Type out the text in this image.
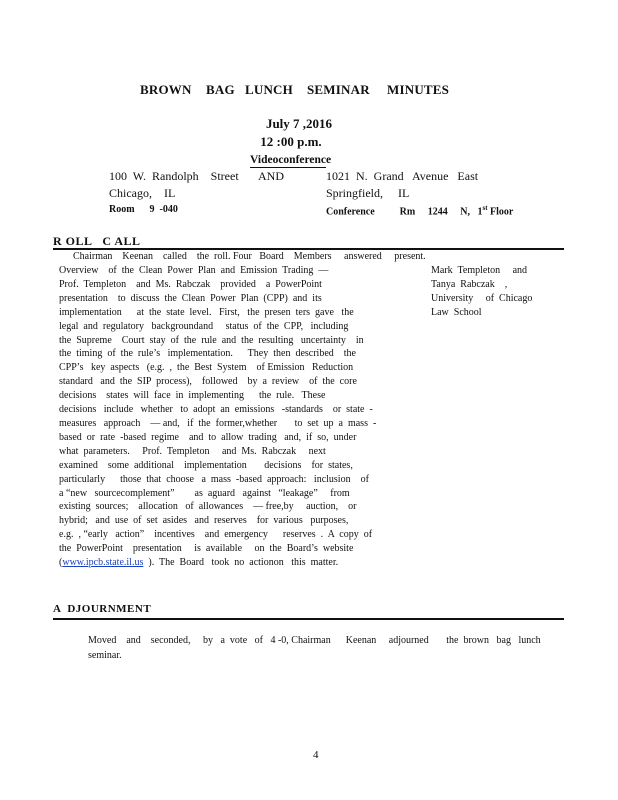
BROWN BAG LUNCH SEMINAR MINUTES
July 7 ,2016
12 :00 p.m.
Videoconference
100  W.  Randolph    Street AND	1021  N.  Grand   Avenue   East
Chicago,    IL	Springfield,     IL
Room      9  -040	Conference          Rm     1244     N,   1st Floor
R OLL   C ALL
Chairman    Keenan    called    the  roll. Four   Board    Members     answered     present.
Overview    of  the  Clean  Power  Plan  and  Emission  Trading  —
Prof.  Templeton    and  Ms.  Rabczak    provided    a  PowerPoint
presentation    to  discuss  the  Clean  Power  Plan  (CPP)  and  its
implementation      at  the  state  level.   First,   the  presen  ters  gave   the
legal  and  regulatory   backgroundand     status  of  the  CPP,   including
the  Supreme    Court  stay  of  the  rule  and  the  resulting   uncertainty    in
the  timing  of  the  rule’s   implementation.      They  then  described    the
CPP’s   key  aspects   (e.g.  ,  the  Best  System    of Emission   Reduction
standard   and  the  SIP  process),    followed    by  a  review    of  the  core
decisions    states  will  face  in  implementing      the  rule.   These
decisions   include   whether   to  adopt  an  emissions   -standards    or  state  -
measures   approach    — and,   if  the  former,whether       to  set  up  a  mass  -
based  or  rate  -based  regime    and  to  allow  trading   and,  if  so,  under
what  parameters.     Prof.  Templeton     and  Ms.  Rabczak     next
examined    some  additional    implementation       decisions    for  states,
particularly      those  that  choose   a  mass  -based  approach:   inclusion    of
a “new   sourcecomplement”        as  aguard   against   “leakage”     from
existing  sources;    allocation   of  allowances    — free,by     auction,    or
hybrid;   and  use  of  set  asides   and  reserves    for  various   purposes,
e.g.  , “early   action”    incentives    and  emergency      reserves  .  A  copy  of
the  PowerPoint    presentation     is  available     on  the  Board’s  website
(www.ipcb.state.il.us  ).  The  Board   took  no  actionon   this  matter.
Mark  Templeton     and
Tanya  Rabczak    ,
University     of  Chicago
Law  School
A  DJOURNMENT
Moved    and    seconded,     by   a  vote   of   4 -0, Chairman      Keenan     adjourned       the  brown   bag   lunch
seminar.
4
